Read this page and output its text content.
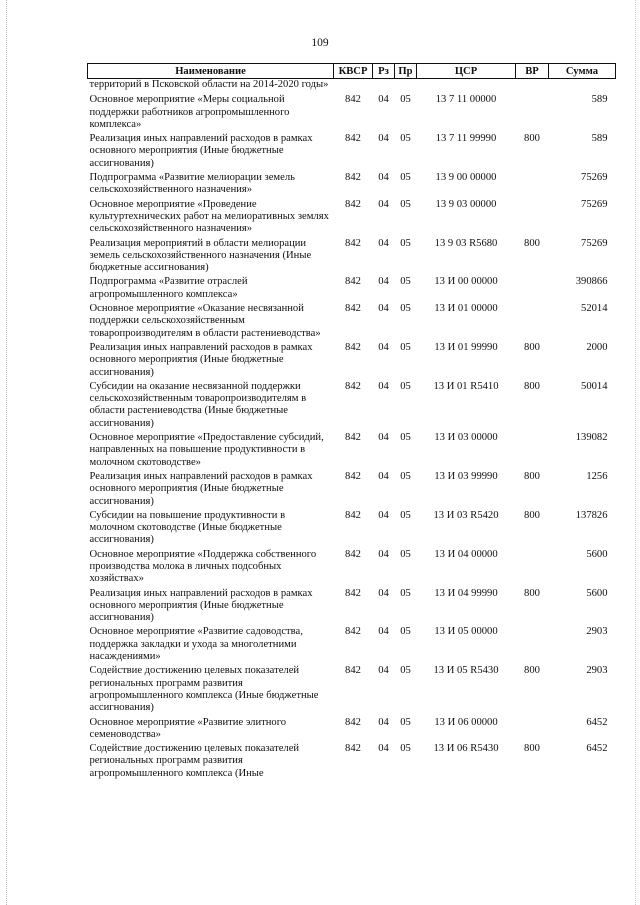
109
Наименование	КВСР	Рз	Пр	ЦСР	ВР	Сумма
территорий в Псковской области на 2014-2020 годы»						
Основное мероприятие «Меры социальной поддержки работников агропромышленного комплекса»	842	04	05	13 7 11 00000		589
Реализация иных направлений расходов в рамках основного мероприятия (Иные бюджетные ассигнования)	842	04	05	13 7 11 99990	800	589
Подпрограмма «Развитие мелиорации земель сельскохозяйственного назначения»	842	04	05	13 9 00 00000		75269
Основное мероприятие «Проведение культуртехнических работ на мелиоративных землях сельскохозяйственного назначения»	842	04	05	13 9 03 00000		75269
Реализация мероприятий в области мелиорации земель сельскохозяйственного назначения (Иные бюджетные ассигнования)	842	04	05	13 9 03 R5680	800	75269
Подпрограмма «Развитие отраслей агропромышленного комплекса»	842	04	05	13 И 00 00000		390866
Основное мероприятие «Оказание несвязанной поддержки сельскохозяйственным товаропроизводителям в области растениеводства»	842	04	05	13 И 01 00000		52014
Реализация иных направлений расходов в рамках основного мероприятия (Иные бюджетные ассигнования)	842	04	05	13 И 01 99990	800	2000
Субсидии на оказание несвязанной поддержки сельскохозяйственным товаропроизводителям в области растениеводства (Иные бюджетные ассигнования)	842	04	05	13 И 01 R5410	800	50014
Основное мероприятие «Предоставление субсидий, направленных на повышение продуктивности в молочном скотоводстве»	842	04	05	13 И 03 00000		139082
Реализация иных направлений расходов в рамках основного мероприятия (Иные бюджетные ассигнования)	842	04	05	13 И 03 99990	800	1256
Субсидии на повышение продуктивности в молочном скотоводстве (Иные бюджетные ассигнования)	842	04	05	13 И 03 R5420	800	137826
Основное мероприятие «Поддержка собственного производства молока в личных подсобных хозяйствах»	842	04	05	13 И 04 00000		5600
Реализация иных направлений расходов в рамках основного мероприятия (Иные бюджетные ассигнования)	842	04	05	13 И 04 99990	800	5600
Основное мероприятие «Развитие садоводства, поддержка закладки и ухода за многолетними насаждениями»	842	04	05	13 И 05 00000		2903
Содействие достижению целевых показателей региональных программ развития агропромышленного комплекса (Иные бюджетные ассигнования)	842	04	05	13 И 05 R5430	800	2903
Основное мероприятие «Развитие элитного семеноводства»	842	04	05	13 И 06 00000		6452
Содействие достижению целевых показателей региональных программ развития агропромышленного комплекса (Иные	842	04	05	13 И 06 R5430	800	6452
